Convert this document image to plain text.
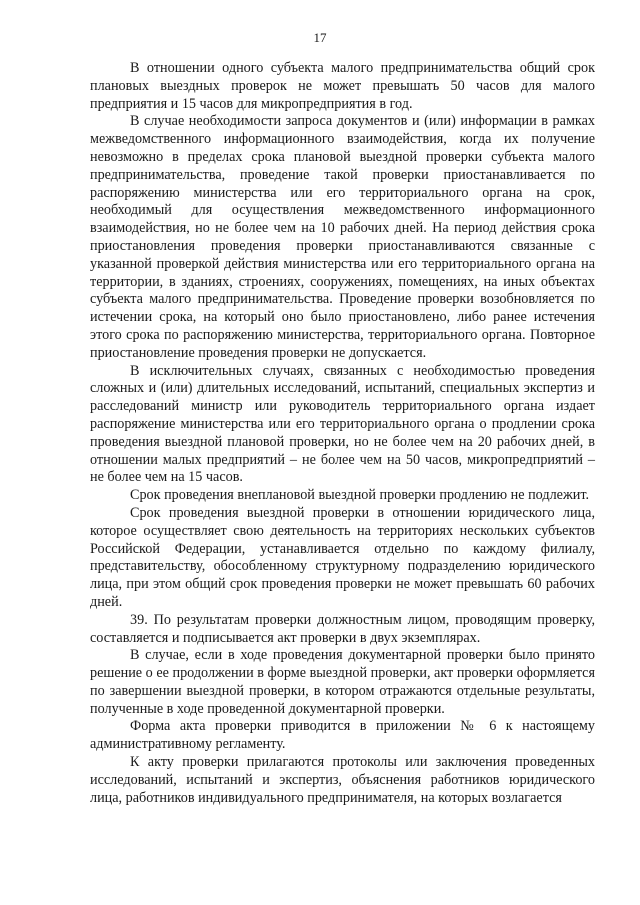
17

В отношении одного субъекта малого предпринимательства общий срок плановых выездных проверок не может превышать 50 часов для малого предприятия и 15 часов для микропредприятия в год.

В случае необходимости запроса документов и (или) информации в рамках межведомственного информационного взаимодействия, когда их получение невозможно в пределах срока плановой выездной проверки субъекта малого предпринимательства, проведение такой проверки приостанавливается по распоряжению министерства или его территориального органа на срок, необходимый для осуществления межведомственного информационного взаимодействия, но не более чем на 10 рабочих дней. На период действия срока приостановления проведения проверки приостанавливаются связанные с указанной проверкой действия министерства или его территориального органа на территории, в зданиях, строениях, сооружениях, помещениях, на иных объектах субъекта малого предпринимательства. Проведение проверки возобновляется по истечении срока, на который оно было приостановлено, либо ранее истечения этого срока по распоряжению министерства, территориального органа. Повторное приостановление проведения проверки не допускается.

В исключительных случаях, связанных с необходимостью проведения сложных и (или) длительных исследований, испытаний, специальных экспертиз и расследований министр или руководитель территориального органа издает распоряжение министерства или его территориального органа о продлении срока проведения выездной плановой проверки, но не более чем на 20 рабочих дней, в отношении малых предприятий – не более чем на 50 часов, микропредприятий – не более чем на 15 часов.

Срок проведения внеплановой выездной проверки продлению не подлежит.

Срок проведения выездной проверки в отношении юридического лица, которое осуществляет свою деятельность на территориях нескольких субъектов Российской Федерации, устанавливается отдельно по каждому филиалу, представительству, обособленному структурному подразделению юридического лица, при этом общий срок проведения проверки не может превышать 60 рабочих дней.

39. По результатам проверки должностным лицом, проводящим проверку, составляется и подписывается акт проверки в двух экземплярах.

В случае, если в ходе проведения документарной проверки было принято решение о ее продолжении в форме выездной проверки, акт проверки оформляется по завершении выездной проверки, в котором отражаются отдельные результаты, полученные в ходе проведенной документарной проверки.

Форма акта проверки приводится в приложении № 6 к настоящему административному регламенту.

К акту проверки прилагаются протоколы или заключения проведенных исследований, испытаний и экспертиз, объяснения работников юридического лица, работников индивидуального предпринимателя, на которых возлагается
